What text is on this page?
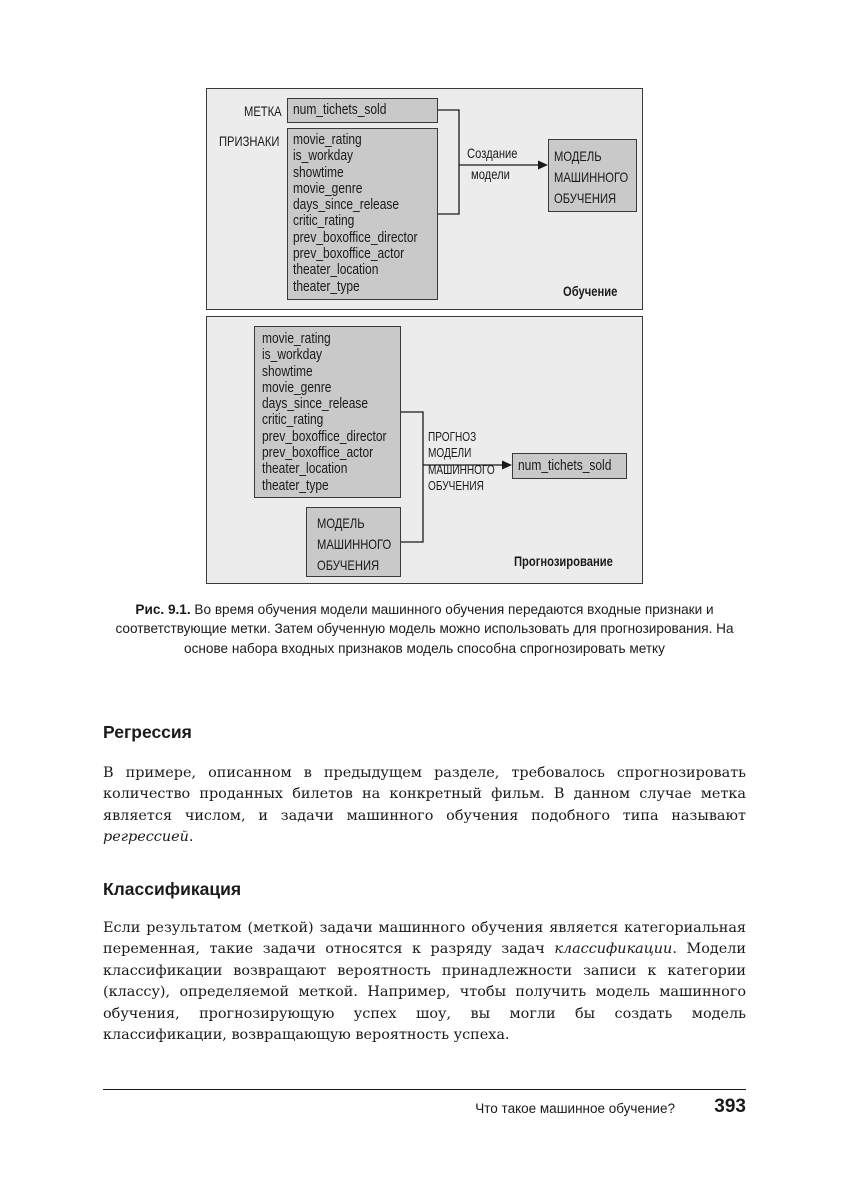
МЕТКА num_tichets_sold
ПРИЗНАКИ movie_rating
is_workday
showtime
movie_genre
days_since_release
critic_rating
prev_boxoffice_director
prev_boxoffice_actor
theater_location
theater_type
Создание
модели
МОДЕЛЬ
МАШИННОГО
ОБУЧЕНИЯ
Обучение
movie_rating
is_workday
showtime
movie_genre
days_since_release
critic_rating
prev_boxoffice_director
prev_boxoffice_actor
theater_location
theater_type
МОДЕЛЬ
МАШИННОГО
ОБУЧЕНИЯ
ПРОГНОЗ
МОДЕЛИ
МАШИННОГО
ОБУЧЕНИЯ
num_tichets_sold
Прогнозирование
Рис. 9.1. Во время обучения модели машинного обучения передаются входные признаки и соответствующие метки. Затем обученную модель можно использовать для прогнозирования. На основе набора входных признаков модель способна спрогнозировать метку
Регрессия

В примере, описанном в предыдущем разделе, требовалось спрогнозировать количество проданных билетов на конкретный фильм. В данном случае метка является числом, и задачи машинного обучения подобного типа называют регрессией.

Классификация

Если результатом (меткой) задачи машинного обучения является категориальная переменная, такие задачи относятся к разряду задач классификации. Модели классификации возвращают вероятность принадлежности записи к категории (классу), определяемой меткой. Например, чтобы получить модель машинного обучения, прогнозирующую успех шоу, вы могли бы создать модель классификации, возвращающую вероятность успеха.

Что такое машинное обучение? 393
